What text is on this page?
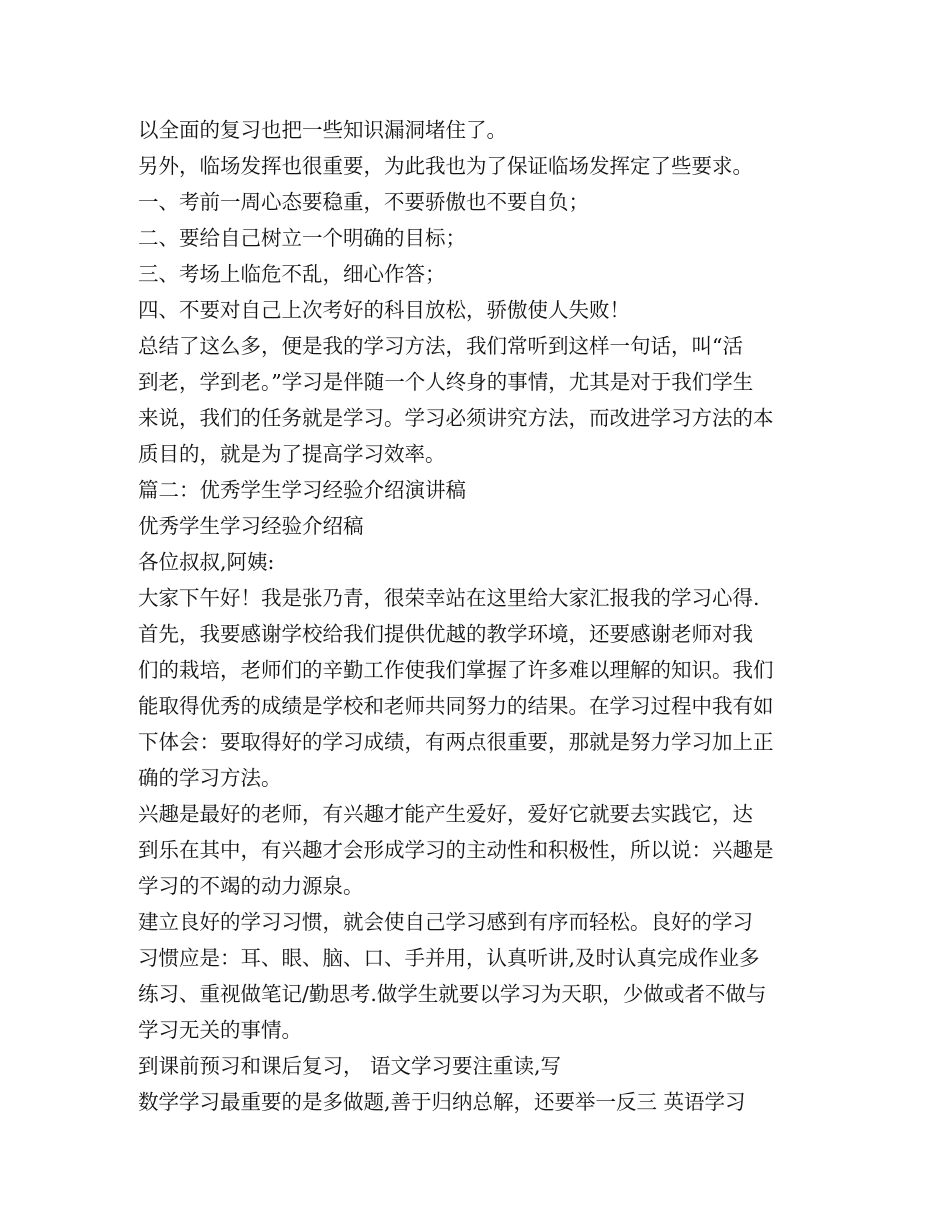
以全面的复习也把一些知识漏洞堵住了。
另外，临场发挥也很重要，为此我也为了保证临场发挥定了些要求。
一、考前一周心态要稳重，不要骄傲也不要自负；
二、要给自己树立一个明确的目标；
三、考场上临危不乱，细心作答；
四、不要对自己上次考好的科目放松，骄傲使人失败！
总结了这么多，便是我的学习方法，我们常听到这样一句话，叫“活
到老，学到老。”学习是伴随一个人终身的事情，尤其是对于我们学生
来说，我们的任务就是学习。学习必须讲究方法，而改进学习方法的本
质目的，就是为了提高学习效率。
篇二：优秀学生学习经验介绍演讲稿
优秀学生学习经验介绍稿
各位叔叔,阿姨:
大家下午好！我是张乃青，很荣幸站在这里给大家汇报我的学习心得.
首先，我要感谢学校给我们提供优越的教学环境，还要感谢老师对我
们的栽培，老师们的辛勤工作使我们掌握了许多难以理解的知识。我们
能取得优秀的成绩是学校和老师共同努力的结果。在学习过程中我有如
下体会：要取得好的学习成绩，有两点很重要，那就是努力学习加上正
确的学习方法。
兴趣是最好的老师，有兴趣才能产生爱好，爱好它就要去实践它，达
到乐在其中，有兴趣才会形成学习的主动性和积极性，所以说：兴趣是
学习的不竭的动力源泉。
建立良好的学习习惯，就会使自己学习感到有序而轻松。良好的学习
习惯应是：耳、眼、脑、口、手并用，认真听讲,及时认真完成作业多
练习、重视做笔记/勤思考.做学生就要以学习为天职，少做或者不做与
学习无关的事情。
到课前预习和课后复习， 语文学习要注重读,写
数学学习最重要的是多做题,善于归纳总解，还要举一反三 英语学习
